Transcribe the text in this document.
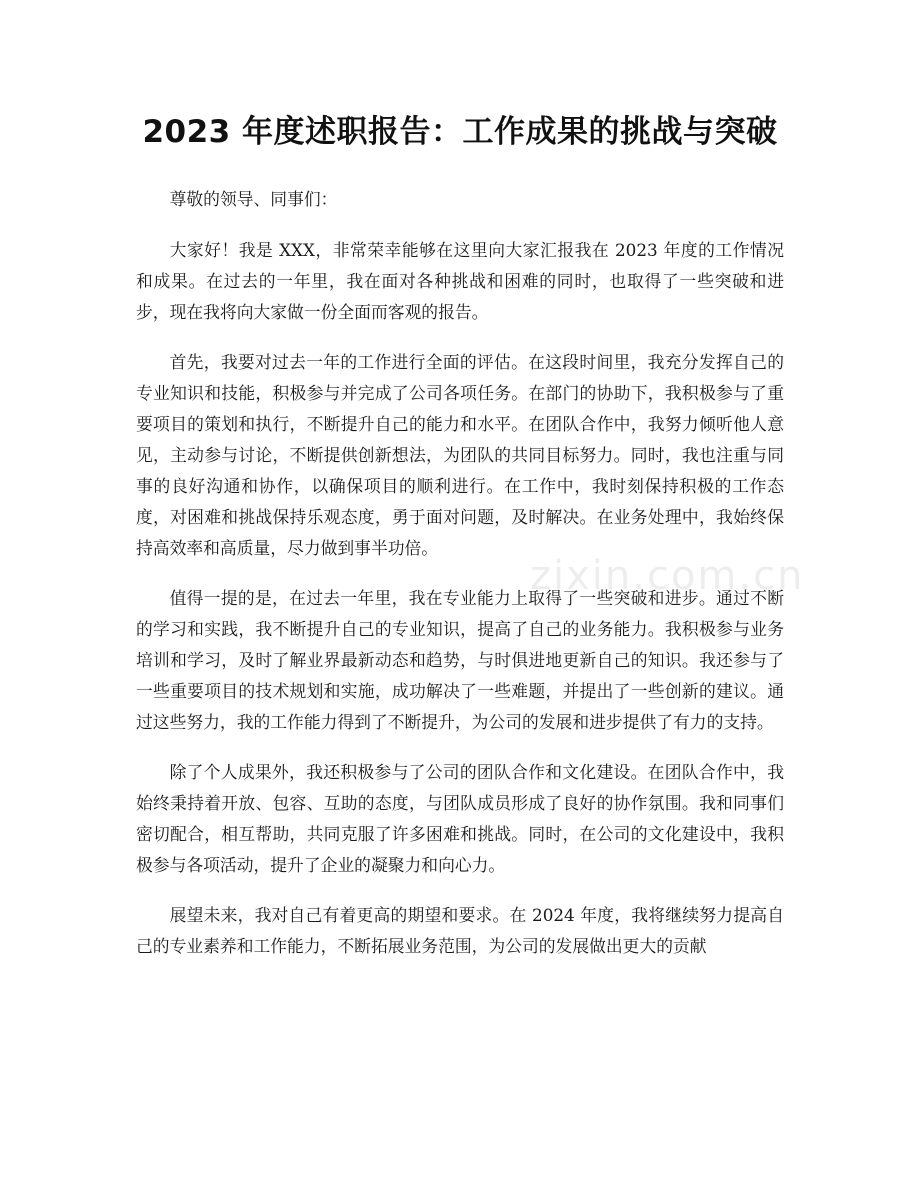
2023 年度述职报告：工作成果的挑战与突破

尊敬的领导、同事们：

大家好！我是 XXX，非常荣幸能够在这里向大家汇报我在 2023 年度的工作情况和成果。在过去的一年里，我在面对各种挑战和困难的同时，也取得了一些突破和进步，现在我将向大家做一份全面而客观的报告。

首先，我要对过去一年的工作进行全面的评估。在这段时间里，我充分发挥自己的专业知识和技能，积极参与并完成了公司各项任务。在部门的协助下，我积极参与了重要项目的策划和执行，不断提升自己的能力和水平。在团队合作中，我努力倾听他人意见，主动参与讨论，不断提供创新想法，为团队的共同目标努力。同时，我也注重与同事的良好沟通和协作，以确保项目的顺利进行。在工作中，我时刻保持积极的工作态度，对困难和挑战保持乐观态度，勇于面对问题，及时解决。在业务处理中，我始终保持高效率和高质量，尽力做到事半功倍。

值得一提的是，在过去一年里，我在专业能力上取得了一些突破和进步。通过不断的学习和实践，我不断提升自己的专业知识，提高了自己的业务能力。我积极参与业务培训和学习，及时了解业界最新动态和趋势，与时俱进地更新自己的知识。我还参与了一些重要项目的技术规划和实施，成功解决了一些难题，并提出了一些创新的建议。通过这些努力，我的工作能力得到了不断提升，为公司的发展和进步提供了有力的支持。

除了个人成果外，我还积极参与了公司的团队合作和文化建设。在团队合作中，我始终秉持着开放、包容、互助的态度，与团队成员形成了良好的协作氛围。我和同事们密切配合，相互帮助，共同克服了许多困难和挑战。同时，在公司的文化建设中，我积极参与各项活动，提升了企业的凝聚力和向心力。

展望未来，我对自己有着更高的期望和要求。在 2024 年度，我将继续努力提高自己的专业素养和工作能力，不断拓展业务范围，为公司的发展做出更大的贡献

zixin.com.cn
